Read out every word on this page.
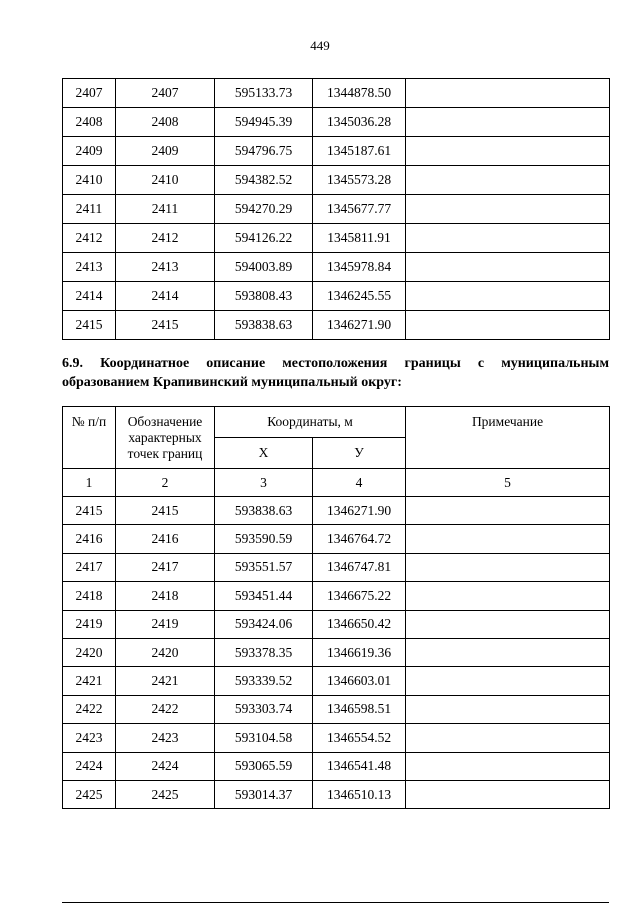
449
2407	2407	595133.73	1344878.50	
2408	2408	594945.39	1345036.28	
2409	2409	594796.75	1345187.61	
2410	2410	594382.52	1345573.28	
2411	2411	594270.29	1345677.77	
2412	2412	594126.22	1345811.91	
2413	2413	594003.89	1345978.84	
2414	2414	593808.43	1346245.55	
2415	2415	593838.63	1346271.90	

6.9. Координатное описание местоположения границы с муниципальным образованием Крапивинский муниципальный округ:

№ п/п	Обозначение характерных точек границ	Координаты, м		Примечание
		X	У	
1	2	3	4	5
2415	2415	593838.63	1346271.90	
2416	2416	593590.59	1346764.72	
2417	2417	593551.57	1346747.81	
2418	2418	593451.44	1346675.22	
2419	2419	593424.06	1346650.42	
2420	2420	593378.35	1346619.36	
2421	2421	593339.52	1346603.01	
2422	2422	593303.74	1346598.51	
2423	2423	593104.58	1346554.52	
2424	2424	593065.59	1346541.48	
2425	2425	593014.37	1346510.13	
